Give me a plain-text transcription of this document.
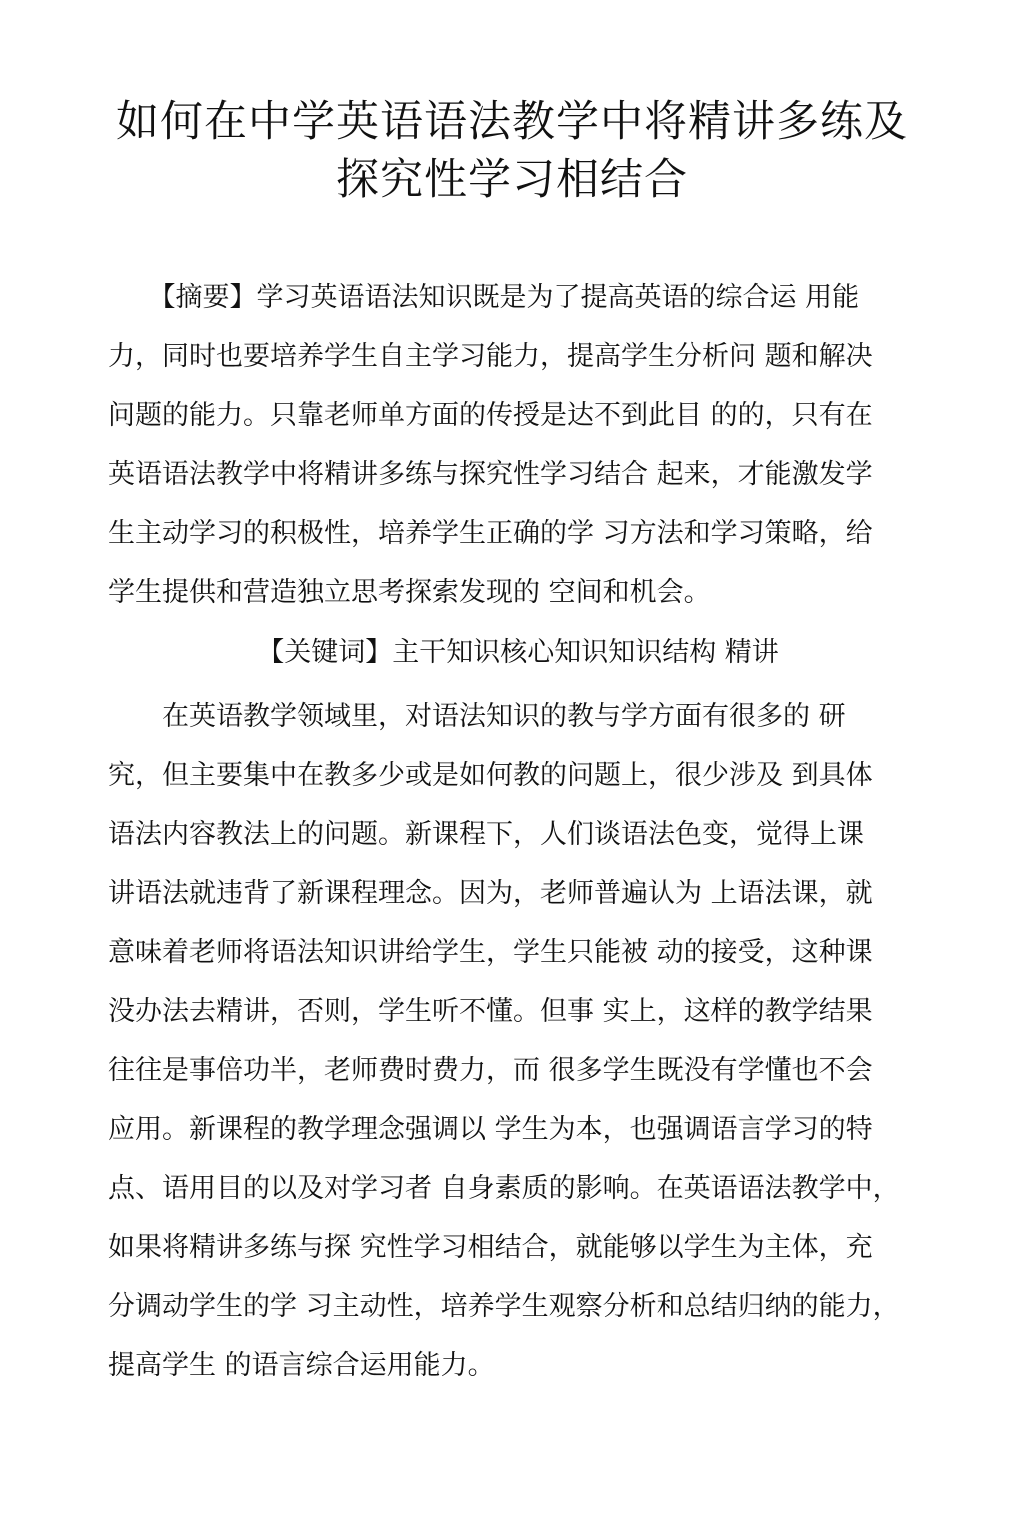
如何在中学英语语法教学中将精讲多练及
探究性学习相结合
　　【摘要】学习英语语法知识既是为了提高英语的综合运 用能
力，同时也要培养学生自主学习能力，提高学生分析问 题和解决
问题的能力。只靠老师单方面的传授是达不到此目 的的，只有在
英语语法教学中将精讲多练与探究性学习结合 起来，才能激发学
生主动学习的积极性，培养学生正确的学 习方法和学习策略，给
学生提供和营造独立思考探索发现的 空间和机会。
【关键词】主干知识核心知识知识结构 精讲
　　在英语教学领域里，对语法知识的教与学方面有很多的 研
究，但主要集中在教多少或是如何教的问题上，很少涉及 到具体
语法内容教法上的问题。新课程下，人们谈语法色变，觉得上课
讲语法就违背了新课程理念。因为，老师普遍认为 上语法课，就
意味着老师将语法知识讲给学生，学生只能被 动的接受，这种课
没办法去精讲，否则，学生听不懂。但事 实上，这样的教学结果
往往是事倍功半，老师费时费力，而 很多学生既没有学懂也不会
应用。新课程的教学理念强调以 学生为本，也强调语言学习的特
点、语用目的以及对学习者 自身素质的影响。在英语语法教学中，
如果将精讲多练与探 究性学习相结合，就能够以学生为主体，充
分调动学生的学 习主动性，培养学生观察分析和总结归纳的能力，
提高学生 的语言综合运用能力。
